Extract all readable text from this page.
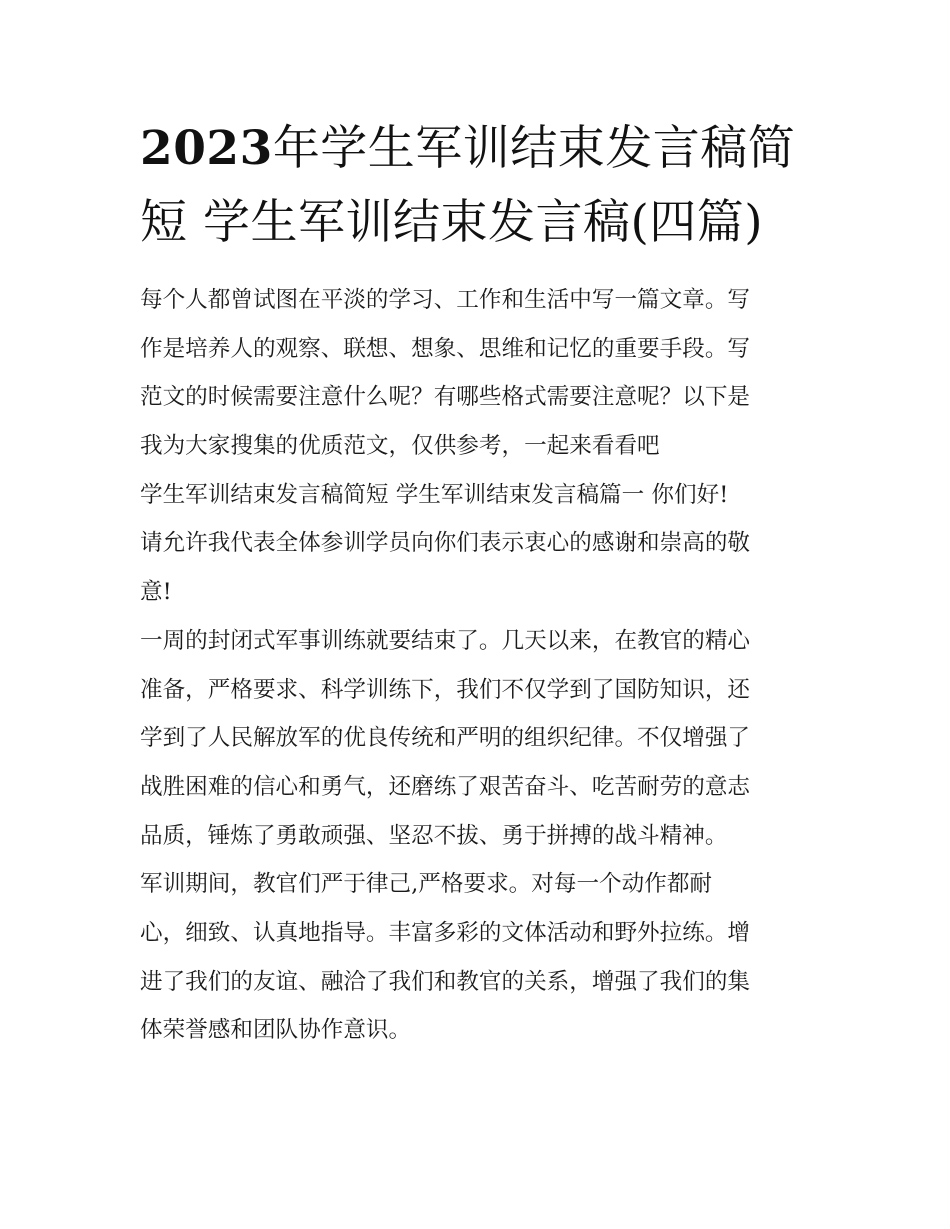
2023年学生军训结束发言稿简
短 学生军训结束发言稿(四篇)
每个人都曾试图在平淡的学习、工作和生活中写一篇文章。写
作是培养人的观察、联想、想象、思维和记忆的重要手段。写
范文的时候需要注意什么呢？有哪些格式需要注意呢？以下是
我为大家搜集的优质范文，仅供参考，一起来看看吧
学生军训结束发言稿简短 学生军训结束发言稿篇一 你们好!
请允许我代表全体参训学员向你们表示衷心的感谢和崇高的敬
意!
一周的封闭式军事训练就要结束了。几天以来，在教官的精心
准备，严格要求、科学训练下，我们不仅学到了国防知识，还
学到了人民解放军的优良传统和严明的组织纪律。不仅增强了
战胜困难的信心和勇气，还磨练了艰苦奋斗、吃苦耐劳的意志
品质，锤炼了勇敢顽强、坚忍不拔、勇于拼搏的战斗精神。
军训期间，教官们严于律己,严格要求。对每一个动作都耐
心，细致、认真地指导。丰富多彩的文体活动和野外拉练。增
进了我们的友谊、融洽了我们和教官的关系，增强了我们的集
体荣誉感和团队协作意识。
